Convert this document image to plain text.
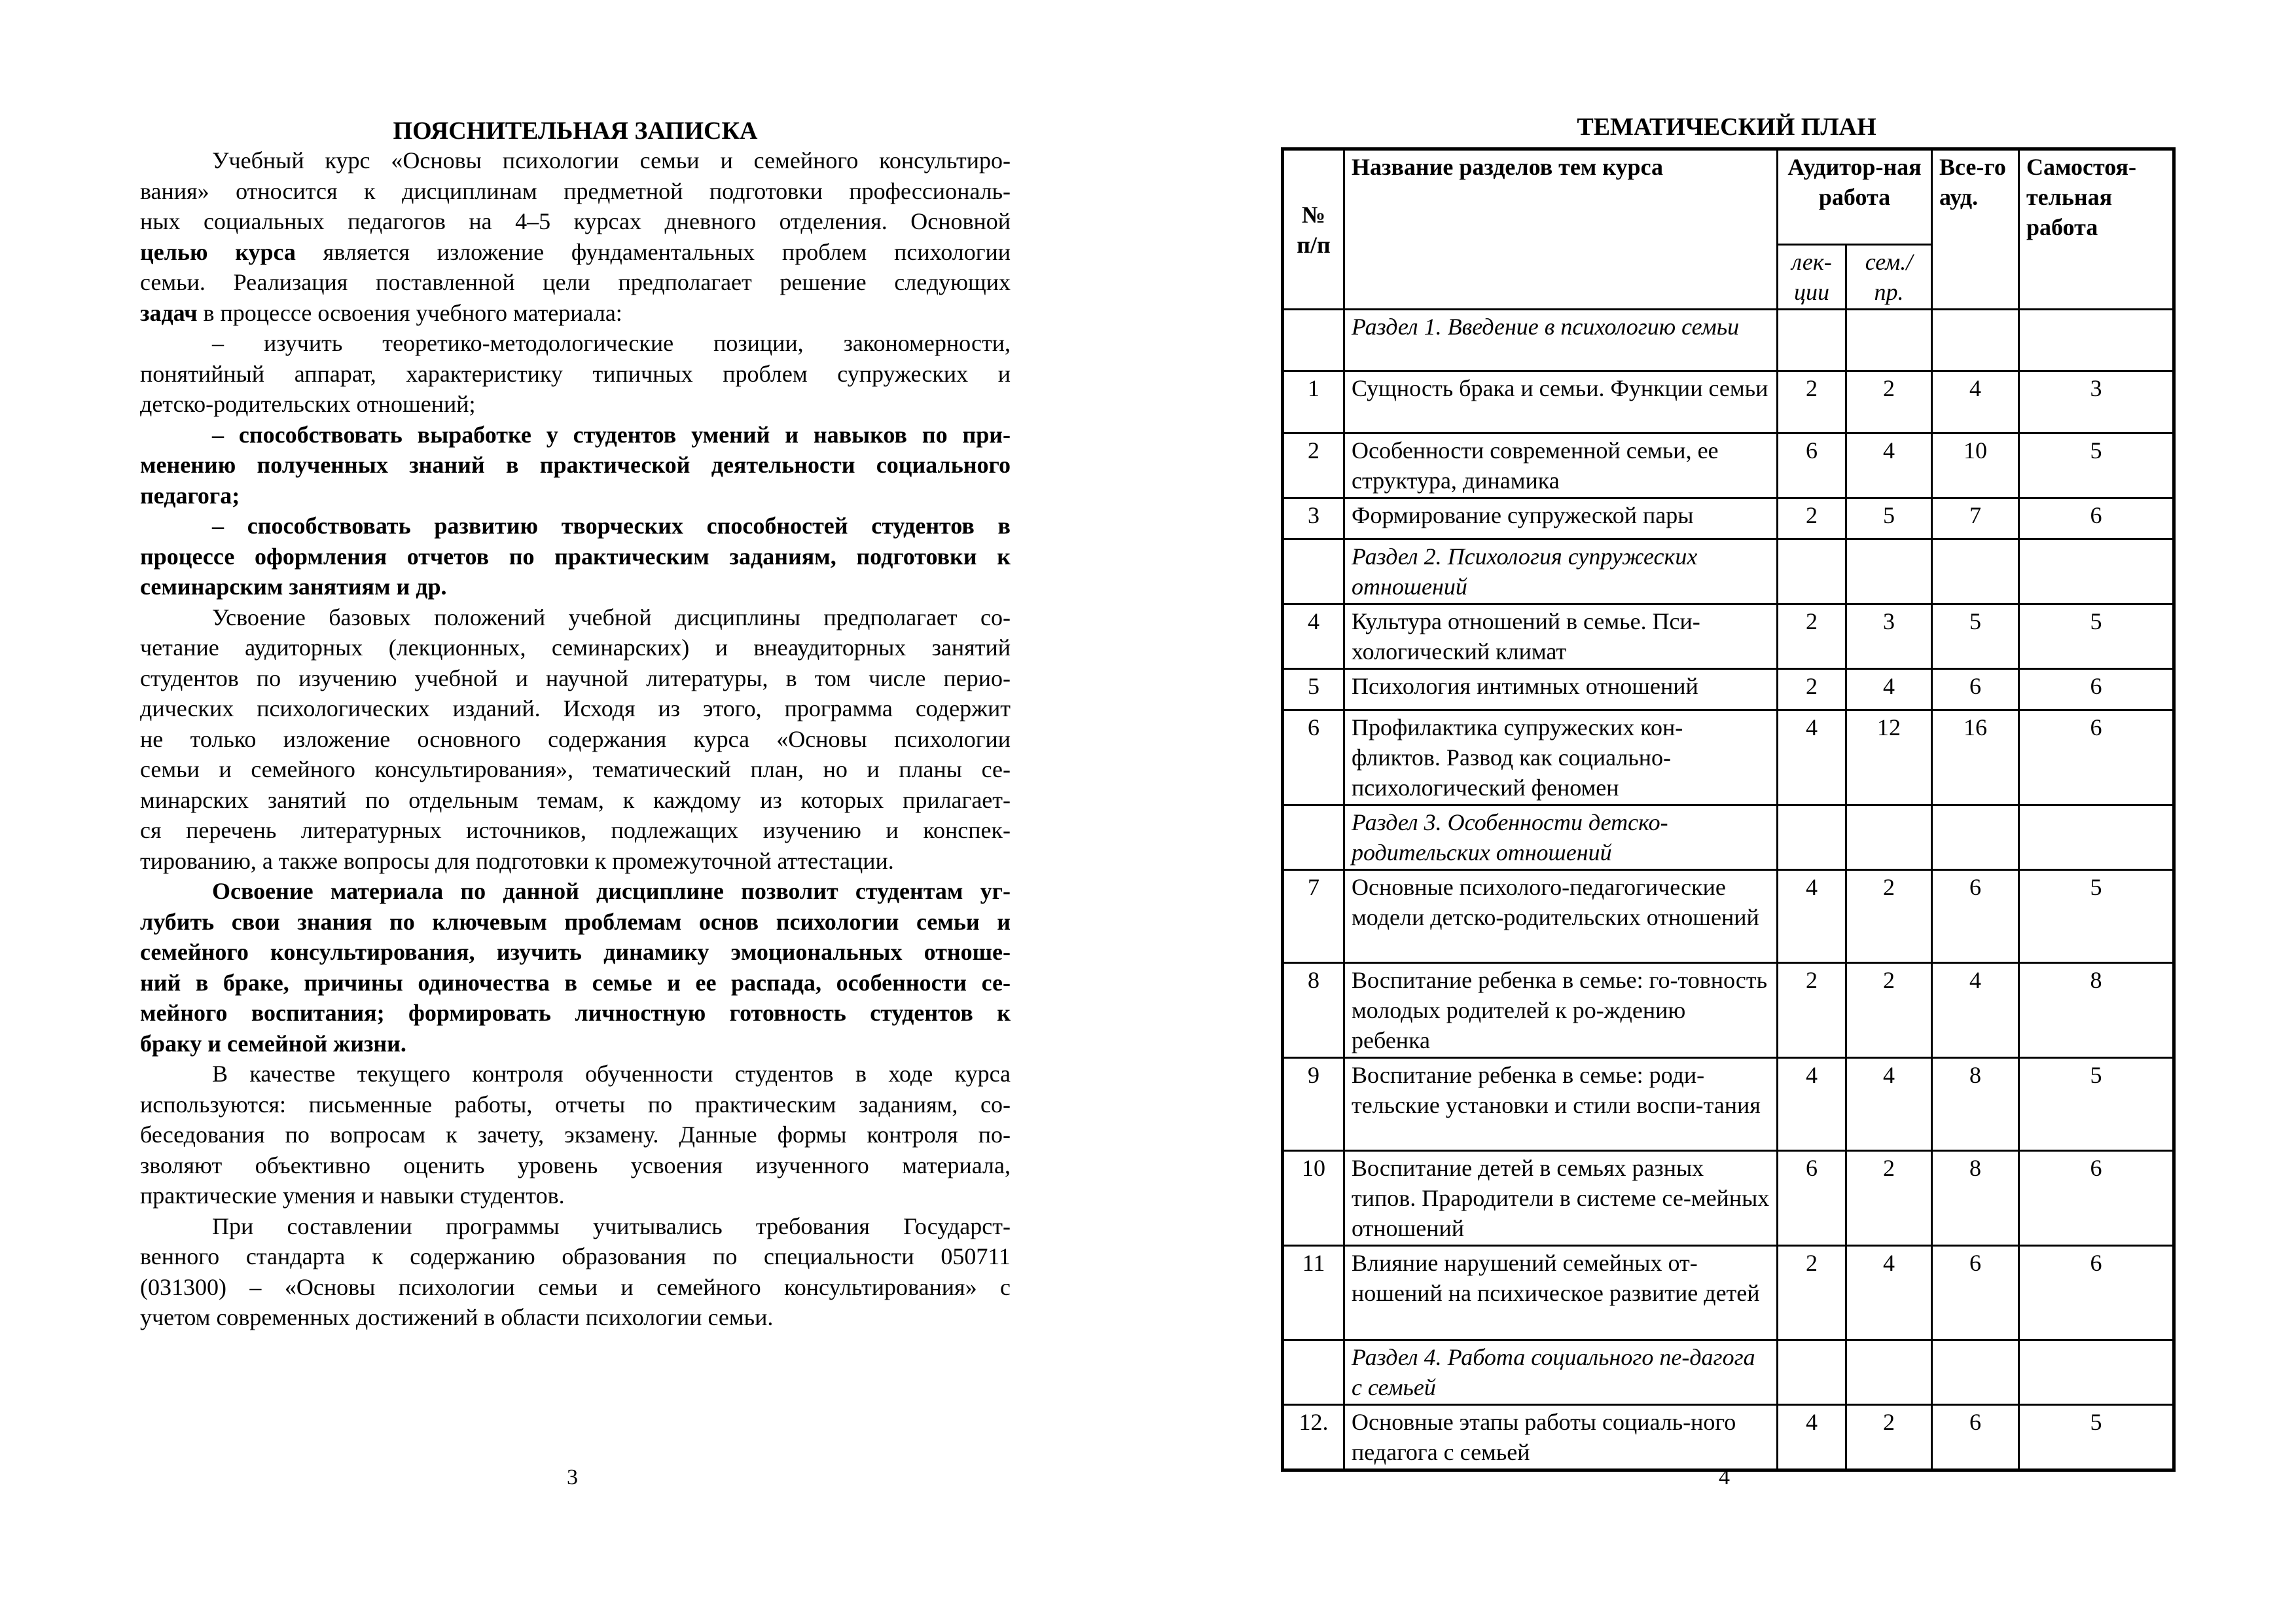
ПОЯСНИТЕЛЬНАЯ ЗАПИСКА
Учебный курс «Основы психологии семьи и семейного консультиро-
вания» относится к дисциплинам предметной подготовки профессиональ-
ных социальных педагогов на 4–5 курсах дневного отделения. Основной
целью курса является изложение фундаментальных проблем психологии
семьи. Реализация поставленной цели предполагает решение следующих
задач в процессе освоения учебного материала:
– изучить теоретико-методологические позиции, закономерности,
понятийный аппарат, характеристику типичных проблем супружеских и
детско-родительских отношений;
– способствовать выработке у студентов умений и навыков по при-
менению полученных знаний в практической деятельности социального
педагога;
– способствовать развитию творческих способностей студентов в
процессе оформления отчетов по практическим заданиям, подготовки к
семинарским занятиям и др.
Усвоение базовых положений учебной дисциплины предполагает со-
четание аудиторных (лекционных, семинарских) и внеаудиторных занятий
студентов по изучению учебной и научной литературы, в том числе перио-
дических психологических изданий. Исходя из этого, программа содержит
не только изложение основного содержания курса «Основы психологии
семьи и семейного консультирования», тематический план, но и планы се-
минарских занятий по отдельным темам, к каждому из которых прилагает-
ся перечень литературных источников, подлежащих изучению и конспек-
тированию, а также вопросы для подготовки к промежуточной аттестации.
Освоение материала по данной дисциплине позволит студентам уг-
лубить свои знания по ключевым проблемам основ психологии семьи и
семейного консультирования, изучить динамику эмоциональных отноше-
ний в браке, причины одиночества в семье и ее распада, особенности се-
мейного воспитания; формировать личностную готовность студентов к
браку и семейной жизни.
В качестве текущего контроля обученности студентов в ходе курса
используются: письменные работы, отчеты по практическим заданиям, со-
беседования по вопросам к зачету, экзамену. Данные формы контроля по-
зволяют объективно оценить уровень усвоения изученного материала,
практические умения и навыки студентов.
При составлении программы учитывались требования Государст-
венного стандарта к содержанию образования по специальности 050711
(031300) – «Основы психологии семьи и семейного консультирования» с
учетом современных достижений в области психологии семьи.
3
ТЕМАТИЧЕСКИЙ ПЛАН
№ п/п	Название разделов тем курса	Аудитор-ная работа		Все-го ауд.	Самостоя-тельная работа
		лек-ции	сем./ пр.		
	Раздел 1. Введение в психологию семьи				
1	Сущность брака и семьи. Функции семьи	2	2	4	3
2	Особенности современной семьи, ее структура, динамика	6	4	10	5
3	Формирование супружеской пары	2	5	7	6
	Раздел 2. Психология супружеских отношений				
4	Культура отношений в семье. Пси-хологический климат	2	3	5	5
5	Психология интимных отношений	2	4	6	6
6	Профилактика супружеских кон-фликтов. Развод как социально-психологический феномен	4	12	16	6
	Раздел 3. Особенности детско-родительских отношений				
7	Основные психолого-педагогические модели детско-родительских отношений	4	2	6	5
8	Воспитание ребенка в семье: го-товность молодых родителей к ро-ждению ребенка	2	2	4	8
9	Воспитание ребенка в семье: роди-тельские установки и стили воспи-тания	4	4	8	5
10	Воспитание детей в семьях разных типов. Прародители в системе се-мейных отношений	6	2	8	6
11	Влияние нарушений семейных от-ношений на психическое развитие детей	2	4	6	6
	Раздел 4. Работа социального пе-дагога с семьей				
12.	Основные этапы работы социаль-ного педагога с семьей	4	2	6	5
4
